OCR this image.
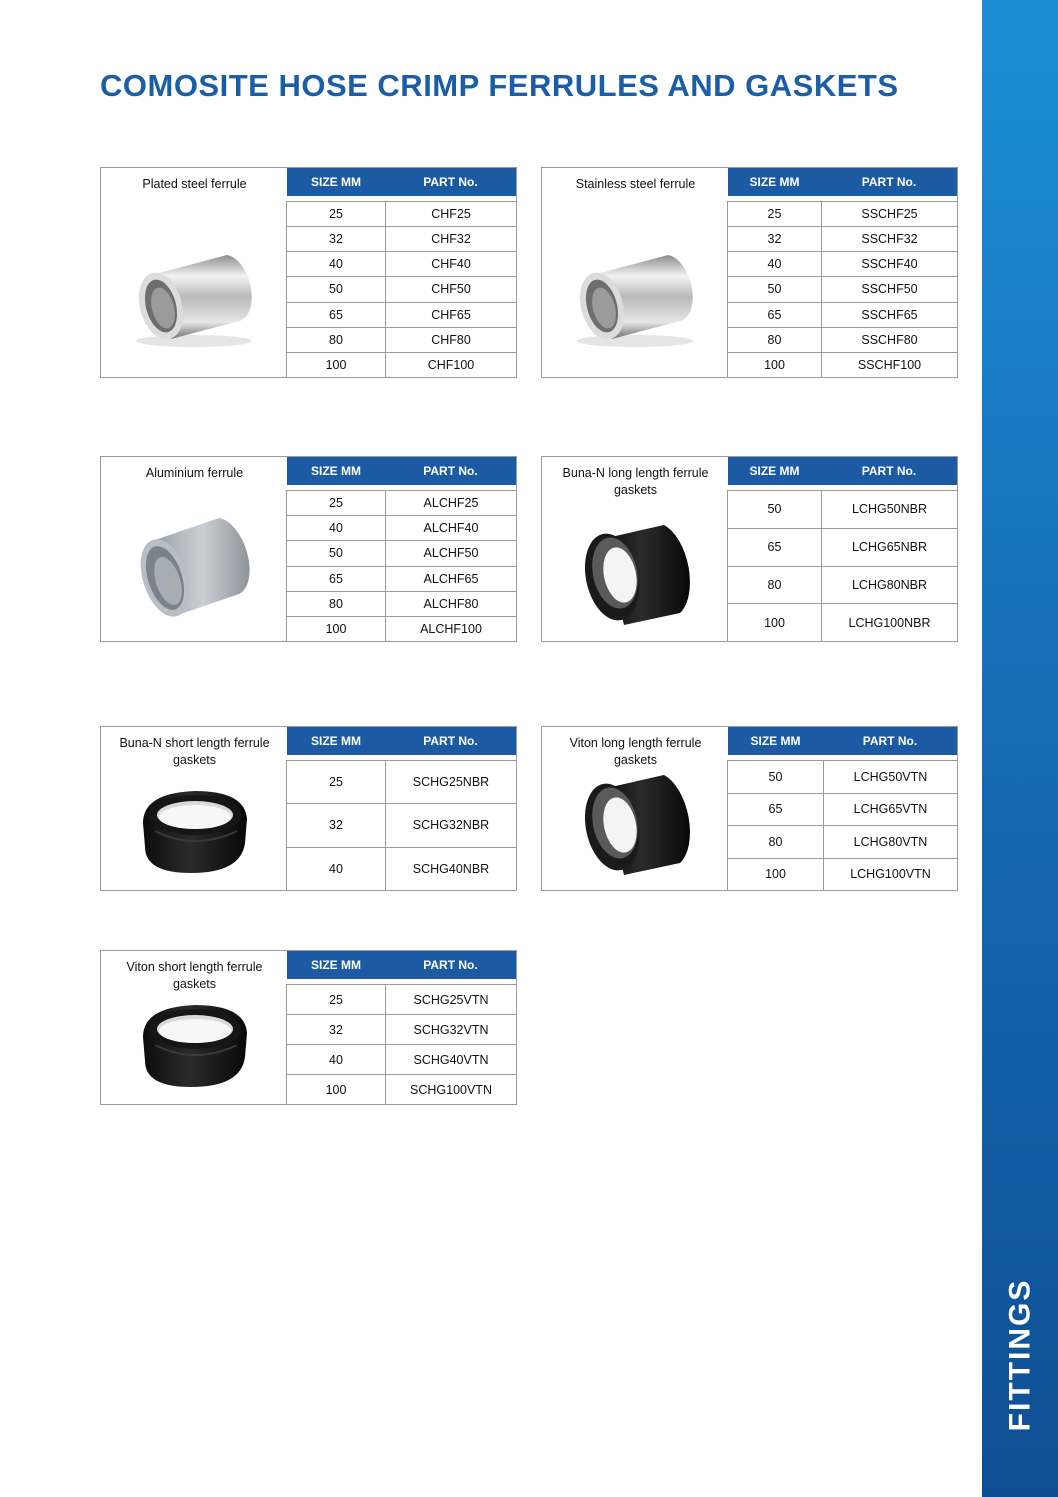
FITTINGS
COMOSITE HOSE CRIMP FERRULES AND GASKETS
Plated steel ferrule	SIZE MM	PART No.
25	CHF25
32	CHF32
40	CHF40
50	CHF50
65	CHF65
80	CHF80
100	CHF100
Stainless steel ferrule	SIZE MM	PART No.
25	SSCHF25
32	SSCHF32
40	SSCHF40
50	SSCHF50
65	SSCHF65
80	SSCHF80
100	SSCHF100
Aluminium ferrule	SIZE MM	PART No.
25	ALCHF25
40	ALCHF40
50	ALCHF50
65	ALCHF65
80	ALCHF80
100	ALCHF100
Buna-N long length ferrule gaskets
SIZE MM	PART No.
50	LCHG50NBR
65	LCHG65NBR
80	LCHG80NBR
100	LCHG100NBR
Buna-N short length ferrule gaskets
SIZE MM	PART No.
25	SCHG25NBR
32	SCHG32NBR
40	SCHG40NBR
Viton long length ferrule gaskets
SIZE MM	PART No.
50	LCHG50VTN
65	LCHG65VTN
80	LCHG80VTN
100	LCHG100VTN
Viton short length ferrule gaskets
SIZE MM	PART No.
25	SCHG25VTN
32	SCHG32VTN
40	SCHG40VTN
100	SCHG100VTN
